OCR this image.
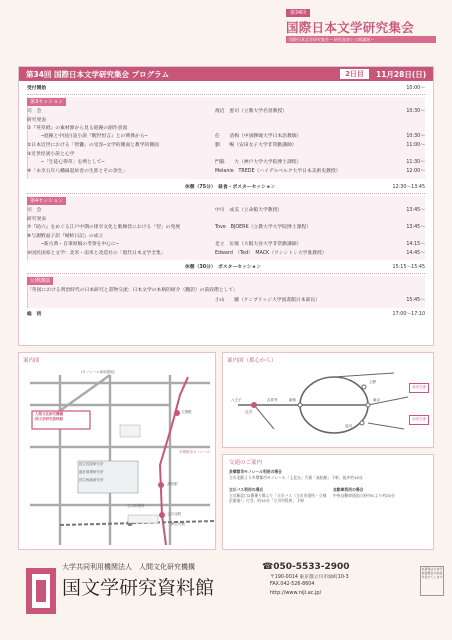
第34回
国際日本文学研究集会
国際日本文学研究集会 ─ 研究発表と公開講演 ─
第34回 国際日本文学研究集会 プログラム	2日目	11月28日(日)
受付開始	10:00～
第3セッション
司　会	渡辺　憲司（立教大学名誉教授）	10:30～
研究発表
①『英草紙』の素材源から見る庭鐘の創作意図
─庭鐘と中国白話小説『醒世恒言』との関係から─	任　　清梅（中国聊城大学日本語教師）	10:30～
②日本近世における「智囊」の受容─文学的側面と教学的側面	劉　　暢（安田女子大学非常勤講師）	11:00～
③近世怪異小説と心学
─「生徒心得草」を例として─	門脇　　大（神戸大学大学院博士課程）	11:30～
④「永享五年八幡縁起絵巻の生涯とその余生」	Melanie　TREDE（ハイデルベルク大学日本美術史教授）	12:00～
休憩（75分）　昼食・ポスターセッション	12:30～13:45
第4セッション
司　会	中川　成美（立命館大学教授）	13:45～
研究発表
⑦『助六』をめぐる江戸中期の俳享文化と歌舞伎における「型」の発展	Tove　BJOERK（立教大学大学院博士課程）	13:45～
⑧与謝野晶子訳『蜻蛉日記』の成立
─新古典・自筆原稿の考察を中心に─	足立　匡敏（大阪大谷大学非常勤講師）	14:15～
⑨国民国家と文学：北米・南米と改造社の「現代日本文学全集」	Edward　（Ted）　MACK（ワシントン大学准教授）	14:45～
休憩（30分）　ポスターセッション	15:15～15:45
公開講演
「英国における明治時代の日本研究と書物交流：日本文学の本格的紹介（翻訳）の前段階として」
小山　　騰（ケンブリッジ大学図書館日本部長）	15:45～
総　括	17:00～17:10
案内図
(モノレール車両基地)
人間文化研究機構
国文学研究資料館
国立国語研究所
統計数理研究所
国立極地研究所
立飛駅
高松駅
JR立川駅
立川北駅
多摩都市モノレール
立川市役所
案内図（都心から）
立川
新宿	東京
上野
品川
八王子	吉祥寺
成田空港
羽田空港
交通のご案内
多摩都市モノレール利用の場合
立川北駅より多摩都市モノレール「上北台」方面「高松駅」下車、徒歩約10分
立川バス利用の場合
立川駅北口2番乗り場より「立川バス（立川市役所・立飛企業前）」行き、約10分「立川市役所」下車
自動車利用の場合
中央自動車道国立府中ICより約20分
大学共同利用機関法人　人間文化研究機構
国文学研究資料館
☎050-5533-2900
〒190-0014 東京都立川市緑町10-3
FAX.042-526-8604
http://www.nijl.ac.jp/
本事業は日本学術振興会の助成を受けています
